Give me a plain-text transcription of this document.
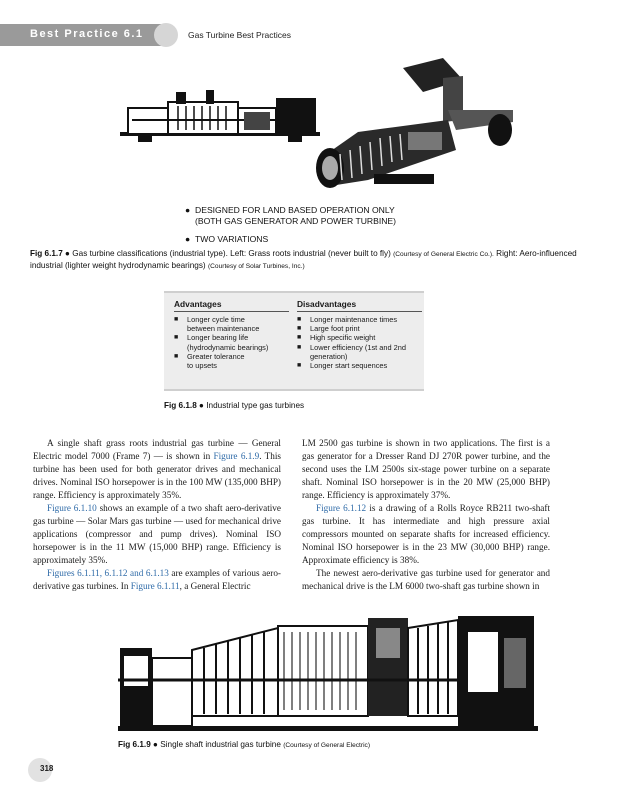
Best Practice 6.1	Gas Turbine Best Practices
● DESIGNED FOR LAND BASED OPERATION ONLY
(BOTH GAS GENERATOR AND POWER TURBINE)
● TWO VARIATIONS
Fig 6.1.7 ● Gas turbine classifications (industrial type). Left: Grass roots industrial (never built to fly) (Courtesy of General Electric Co.). Right: Aero-influenced industrial (lighter weight hydrodynamic bearings) (Courtesy of Solar Turbines, Inc.)
Advantages
■	Longer cycle time
between maintenance
■	Longer bearing life
(hydrodynamic bearings)
■	Greater tolerance
to upsets
Disadvantages
■	Longer maintenance times
■	Large foot print
■	High specific weight
■	Lower efficiency (1st and 2nd
generation)
■	Longer start sequences
Fig 6.1.8 ● Industrial type gas turbines

A single shaft grass roots industrial gas turbine — General Electric model 7000 (Frame 7) — is shown in Figure 6.1.9. This turbine has been used for both generator drives and mechanical drives. Nominal ISO horsepower is in the 100 MW (135,000 BHP) range. Efficiency is approximately 35%.

Figure 6.1.10 shows an example of a two shaft aero-derivative gas turbine — Solar Mars gas turbine — used for mechanical drive applications (compressor and pump drives). Nominal ISO horsepower is in the 11 MW (15,000 BHP) range. Efficiency is approximately 35%.

Figures 6.1.11, 6.1.12 and 6.1.13 are examples of various aero-derivative gas turbines. In Figure 6.1.11, a General Electric

LM 2500 gas turbine is shown in two applications. The first is a gas generator for a Dresser Rand DJ 270R power turbine, and the second uses the LM 2500s six-stage power turbine on a separate shaft. Nominal ISO horsepower is in the 20 MW (25,000 BHP) range. Efficiency is approximately 37%.

Figure 6.1.12 is a drawing of a Rolls Royce RB211 two-shaft gas turbine. It has intermediate and high pressure axial compressors mounted on separate shafts for increased efficiency. Nominal ISO horsepower is in the 23 MW (30,000 BHP) range. Approximate efficiency is 38%.

The newest aero-derivative gas turbine used for generator and mechanical drive is the LM 6000 two-shaft gas turbine shown in

Fig 6.1.9 ● Single shaft industrial gas turbine (Courtesy of General Electric)
318
